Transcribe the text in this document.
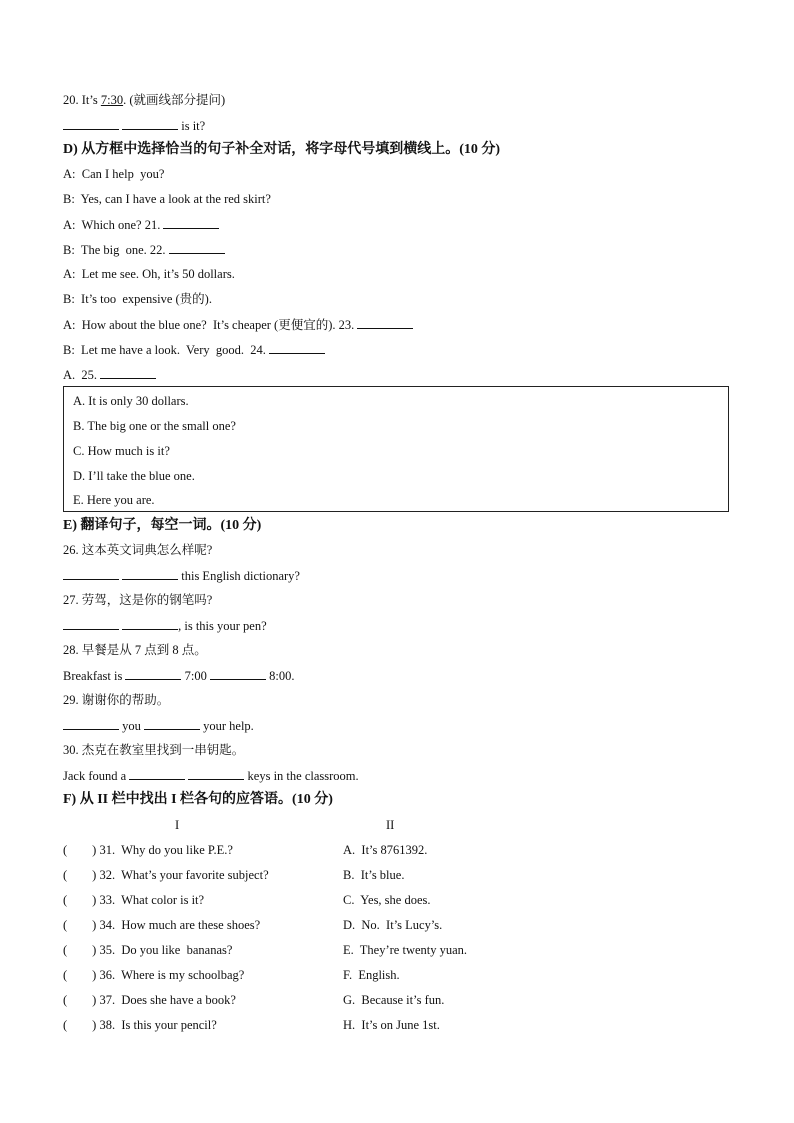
20. It’s 7:30. (就画线部分提问)
is it?
D) 从方框中选择恰当的句子补全对话，将字母代号填到横线上。(10 分)
A:  Can I help  you?
B:  Yes, can I have a look at the red skirt?
A:  Which one? 21.
B:  The big  one. 22.
A:  Let me see. Oh, it’s 50 dollars.
B:  It’s too  expensive (贵的).
A:  How about the blue one?  It’s cheaper (更便宜的). 23.
B:  Let me have a look.  Very  good.  24.
A.  25.
A. It is only 30 dollars.
B. The big one or the small one?
C. How much is it?
D. I’ll take the blue one.
E. Here you are.
E) 翻译句子，每空一词。(10 分)
26. 这本英文词典怎么样呢?
this English dictionary?
27. 劳驾，这是你的钢笔吗?
, is this your pen?
28. 早餐是从 7 点到 8 点。
Breakfast is	7:00	8:00.
29. 谢谢你的帮助。
you	your help.
30. 杰克在教室里找到一串钥匙。
Jack found a	keys in the classroom.
F) 从 II 栏中找出 I 栏各句的应答语。(10 分)
I	II
(        ) 31.  Why do you like P.E.?	A.  It’s 8761392.
(        ) 32.  What’s your favorite subject?	B.  It’s blue.
(        ) 33.  What color is it?	C.  Yes, she does.
(        ) 34.  How much are these shoes?	D.  No.  It’s Lucy’s.
(        ) 35.  Do you like  bananas?	E.  They’re twenty yuan.
(        ) 36.  Where is my schoolbag?	F.  English.
(        ) 37.  Does she have a book?	G.  Because it’s fun.
(        ) 38.  Is this your pencil?	H.  It’s on June 1st.
